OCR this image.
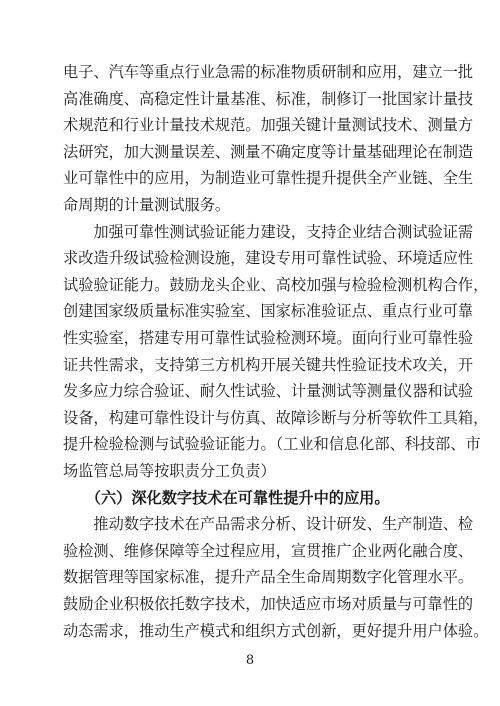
电子、汽车等重点行业急需的标准物质研制和应用，建立一批
高准确度、高稳定性计量基准、标准，制修订一批国家计量技
术规范和行业计量技术规范。加强关键计量测试技术、测量方
法研究，加大测量误差、测量不确定度等计量基础理论在制造
业可靠性中的应用，为制造业可靠性提升提供全产业链、全生
命周期的计量测试服务。
　　加强可靠性测试验证能力建设，支持企业结合测试验证需
求改造升级试验检测设施，建设专用可靠性试验、环境适应性
试验验证能力。鼓励龙头企业、高校加强与检验检测机构合作，
创建国家级质量标准实验室、国家标准验证点、重点行业可靠
性实验室，搭建专用可靠性试验检测环境。面向行业可靠性验
证共性需求，支持第三方机构开展关键共性验证技术攻关，开
发多应力综合验证、耐久性试验、计量测试等测量仪器和试验
设备，构建可靠性设计与仿真、故障诊断与分析等软件工具箱，
提升检验检测与试验验证能力。（工业和信息化部、科技部、市
场监管总局等按职责分工负责）
　　（六）深化数字技术在可靠性提升中的应用。
　　推动数字技术在产品需求分析、设计研发、生产制造、检
验检测、维修保障等全过程应用，宣贯推广企业两化融合度、
数据管理等国家标准，提升产品全生命周期数字化管理水平。
鼓励企业积极依托数字技术，加快适应市场对质量与可靠性的
动态需求，推动生产模式和组织方式创新，更好提升用户体验。
8
